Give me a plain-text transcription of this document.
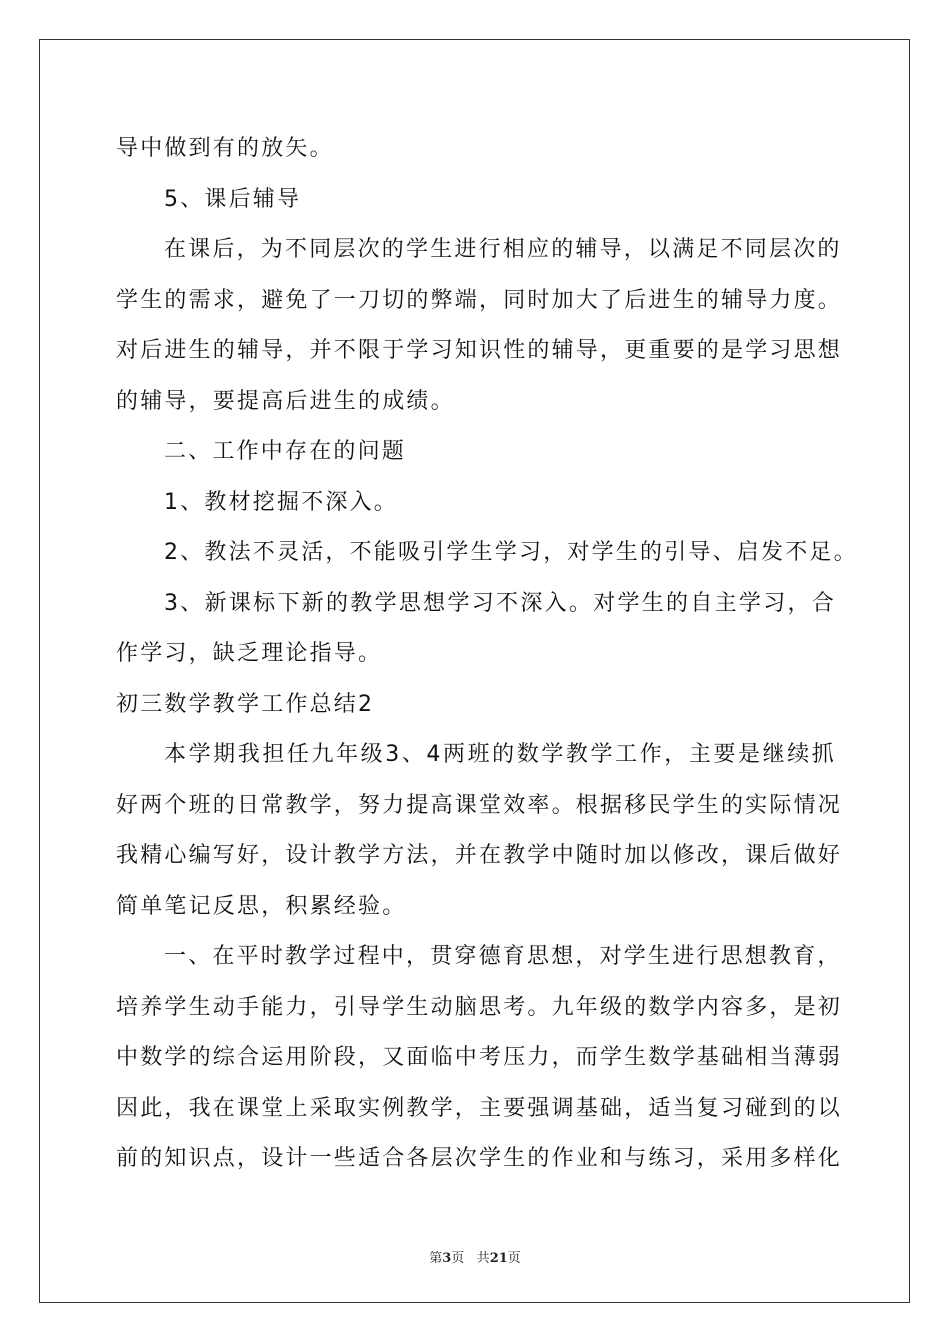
导中做到有的放矢。
5、课后辅导
在课后，为不同层次的学生进行相应的辅导，以满足不同层次的
学生的需求，避免了一刀切的弊端，同时加大了后进生的辅导力度。
对后进生的辅导，并不限于学习知识性的辅导，更重要的是学习思想
的辅导，要提高后进生的成绩。
二、工作中存在的问题
1、教材挖掘不深入。
2、教法不灵活，不能吸引学生学习，对学生的引导、启发不足。
3、新课标下新的教学思想学习不深入。对学生的自主学习，合
作学习，缺乏理论指导。
初三数学教学工作总结2
本学期我担任九年级3、4两班的数学教学工作，主要是继续抓
好两个班的日常教学，努力提高课堂效率。根据移民学生的实际情况
我精心编写好，设计教学方法，并在教学中随时加以修改，课后做好
简单笔记反思，积累经验。
一、在平时教学过程中，贯穿德育思想，对学生进行思想教育，
培养学生动手能力，引导学生动脑思考。九年级的数学内容多，是初
中数学的综合运用阶段，又面临中考压力，而学生数学基础相当薄弱
因此，我在课堂上采取实例教学，主要强调基础，适当复习碰到的以
前的知识点，设计一些适合各层次学生的作业和与练习，采用多样化
第3页 共21页
